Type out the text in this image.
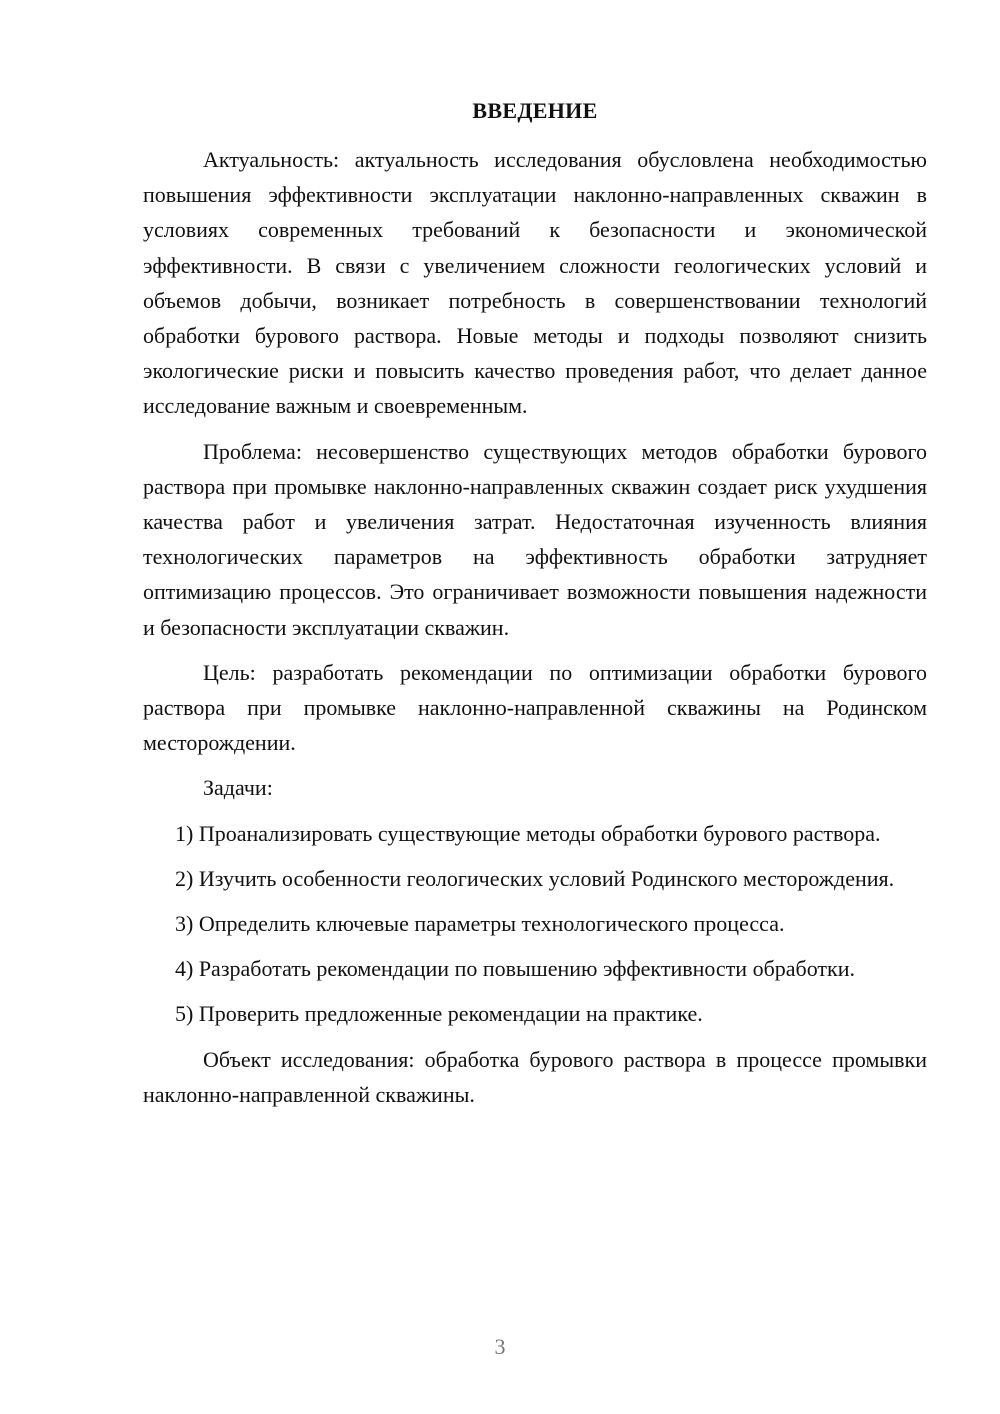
ВВЕДЕНИЕ

Актуальность: актуальность исследования обусловлена необходимостью повышения эффективности эксплуатации наклонно-направленных скважин в условиях современных требований к безопасности и экономической эффективности. В связи с увеличением сложности геологических условий и объемов добычи, возникает потребность в совершенствовании технологий обработки бурового раствора. Новые методы и подходы позволяют снизить экологические риски и повысить качество проведения работ, что делает данное исследование важным и своевременным.

Проблема: несовершенство существующих методов обработки бурового раствора при промывке наклонно-направленных скважин создает риск ухудшения качества работ и увеличения затрат. Недостаточная изученность влияния технологических параметров на эффективность обработки затрудняет оптимизацию процессов. Это ограничивает возможности повышения надежности и безопасности эксплуатации скважин.

Цель: разработать рекомендации по оптимизации обработки бурового раствора при промывке наклонно-направленной скважины на Родинском месторождении.

Задачи:

1) Проанализировать существующие методы обработки бурового раствора.

2) Изучить особенности геологических условий Родинского месторождения.

3) Определить ключевые параметры технологического процесса.

4) Разработать рекомендации по повышению эффективности обработки.

5) Проверить предложенные рекомендации на практике.

Объект исследования: обработка бурового раствора в процессе промывки наклонно-направленной скважины.

3
